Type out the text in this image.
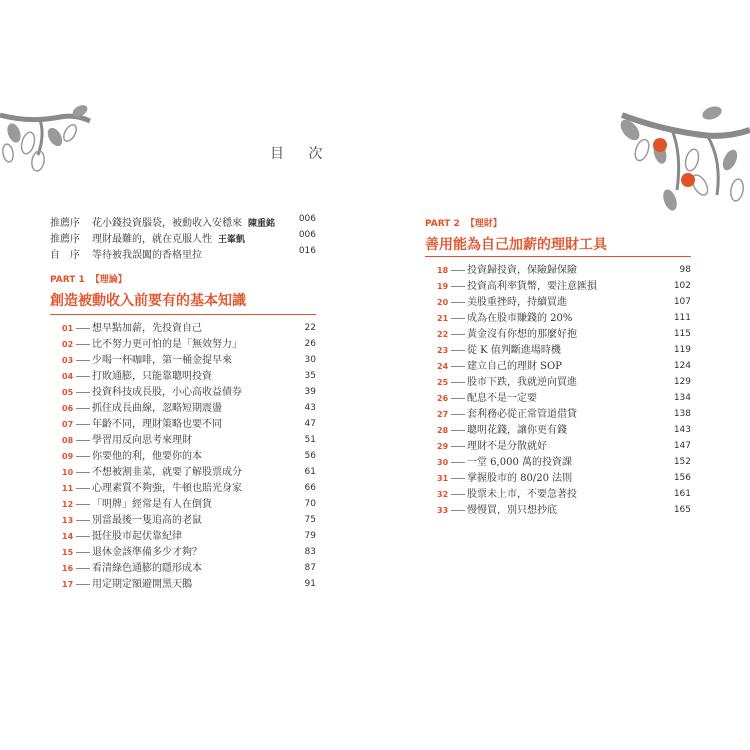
目 次
推薦序 花小錢投資腦袋，被動收入安穩來 陳重銘	006
推薦序 理財最難的，就在克服人性 王峯凱	006
自　序 等待被我誤闖的香格里拉	016
PART 1 【理論】
創造被動收入前要有的基本知識
01 想早點加薪，先投資自己	22
02 比不努力更可怕的是「無效努力」	26
03 少喝一杯咖啡，第一桶金提早來	30
04 打敗通膨，只能靠聰明投資	35
05 投資科技成長股，小心高收益債券	39
06 抓住成長曲線，忽略短期震盪	43
07 年齡不同，理財策略也要不同	47
08 學習用反向思考來理財	51
09 你要他的利，他要你的本	56
10 不想被割韭菜，就要了解股票成分	61
11 心理素質不夠強，牛頓也賠光身家	66
12 「明牌」經常是有人在倒貨	70
13 別當最後一隻追高的老鼠	75
14 挺住股市起伏靠紀律	79
15 退休金該準備多少才夠？	83
16 看清綠色通膨的隱形成本	87
17 用定期定額避開黑天鵝	91
PART 2 【理財】
善用能為自己加薪的理財工具
18 投資歸投資，保險歸保險	98
19 投資高利率貨幣，要注意匯損	102
20 美股重挫時，持續買進	107
21 成為在股市賺錢的 20%	111
22 黃金沒有你想的那麼好抱	115
23 從 K 值判斷進場時機	119
24 建立自己的理財 SOP	124
25 股市下跌，我就逆向買進	129
26 配息不是一定要	134
27 套利務必從正常管道借貸	138
28 聰明花錢，讓你更有錢	143
29 理財不是分散就好	147
30 一堂 6,000 萬的投資課	152
31 掌握股市的 80/20 法則	156
32 股票未上市，不要急著投	161
33 慢慢買，別只想抄底	165
